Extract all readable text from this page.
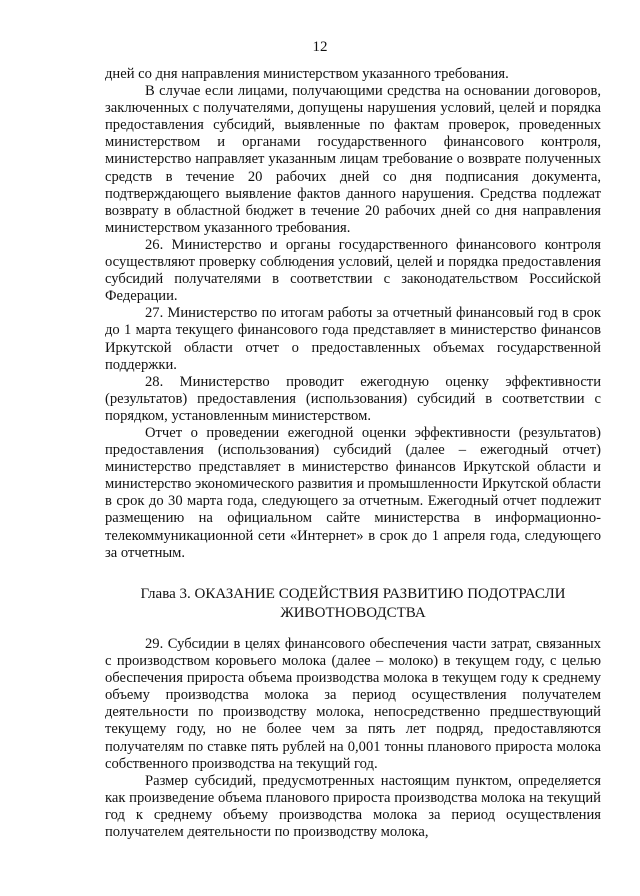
12

дней со дня направления министерством указанного требования.

В случае если лицами, получающими средства на основании договоров, заключенных с получателями, допущены нарушения условий, целей и порядка предоставления субсидий, выявленные по фактам проверок, проведенных министерством и органами государственного финансового контроля, министерство направляет указанным лицам требование о возврате полученных средств в течение 20 рабочих дней со дня подписания документа, подтверждающего выявление фактов данного нарушения. Средства подлежат возврату в областной бюджет в течение 20 рабочих дней со дня направления министерством указанного требования.

26. Министерство и органы государственного финансового контроля осуществляют проверку соблюдения условий, целей и порядка предоставления субсидий получателями в соответствии с законодательством Российской Федерации.

27. Министерство по итогам работы за отчетный финансовый год в срок до 1 марта текущего финансового года представляет в министерство финансов Иркутской области отчет о предоставленных объемах государственной поддержки.

28. Министерство проводит ежегодную оценку эффективности (результатов) предоставления (использования) субсидий в соответствии с порядком, установленным министерством.

Отчет о проведении ежегодной оценки эффективности (результатов) предоставления (использования) субсидий (далее – ежегодный отчет) министерство представляет в министерство финансов Иркутской области и министерство экономического развития и промышленности Иркутской области в срок до 30 марта года, следующего за отчетным. Ежегодный отчет подлежит размещению на официальном сайте министерства в информационно-телекоммуникационной сети «Интернет» в срок до 1 апреля года, следующего за отчетным.

Глава 3. ОКАЗАНИЕ СОДЕЙСТВИЯ РАЗВИТИЮ ПОДОТРАСЛИ
ЖИВОТНОВОДСТВА

29. Субсидии в целях финансового обеспечения части затрат, связанных с производством коровьего молока (далее – молоко) в текущем году, с целью обеспечения прироста объема производства молока в текущем году к среднему объему производства молока за период осуществления получателем деятельности по производству молока, непосредственно предшествующий текущему году, но не более чем за пять лет подряд, предоставляются получателям по ставке пять рублей на 0,001 тонны планового прироста молока собственного производства на текущий год.

Размер субсидий, предусмотренных настоящим пунктом, определяется как произведение объема планового прироста производства молока на текущий год к среднему объему производства молока за период осуществления получателем деятельности по производству молока,
